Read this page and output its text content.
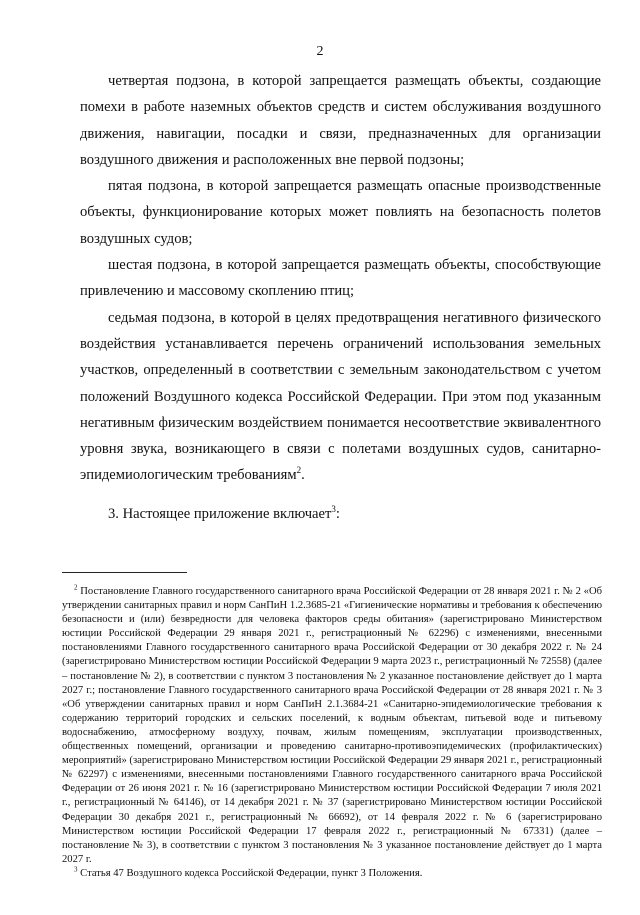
2

четвертая подзона, в которой запрещается размещать объекты, создающие помехи в работе наземных объектов средств и систем обслуживания воздушного движения, навигации, посадки и связи, предназначенных для организации воздушного движения и расположенных вне первой подзоны;

пятая подзона, в которой запрещается размещать опасные производственные объекты, функционирование которых может повлиять на безопасность полетов воздушных судов;

шестая подзона, в которой запрещается размещать объекты, способствующие привлечению и массовому скоплению птиц;

седьмая подзона, в которой в целях предотвращения негативного физического воздействия устанавливается перечень ограничений использования земельных участков, определенный в соответствии с земельным законодательством с учетом положений Воздушного кодекса Российской Федерации. При этом под указанным негативным физическим воздействием понимается несоответствие эквивалентного уровня звука, возникающего в связи с полетами воздушных судов, санитарно-эпидемиологическим требованиям$^2$.

3. Настоящее приложение включает$^3$:

$^2$ Постановление Главного государственного санитарного врача Российской Федерации от 28 января 2021 г. № 2 «Об утверждении санитарных правил и норм СанПиН 1.2.3685-21 «Гигиенические нормативы и требования к обеспечению безопасности и (или) безвредности для человека факторов среды обитания» (зарегистрировано Министерством юстиции Российской Федерации 29 января 2021 г., регистрационный № 62296) с изменениями, внесенными постановлениями Главного государственного санитарного врача Российской Федерации от 30 декабря 2022 г. № 24 (зарегистрировано Министерством юстиции Российской Федерации 9 марта 2023 г., регистрационный № 72558) (далее – постановление № 2), в соответствии с пунктом 3 постановления № 2 указанное постановление действует до 1 марта 2027 г.; постановление Главного государственного санитарного врача Российской Федерации от 28 января 2021 г. № 3 «Об утверждении санитарных правил и норм СанПиН 2.1.3684-21 «Санитарно-эпидемиологические требования к содержанию территорий городских и сельских поселений, к водным объектам, питьевой воде и питьевому водоснабжению, атмосферному воздуху, почвам, жилым помещениям, эксплуатации производственных, общественных помещений, организации и проведению санитарно-противоэпидемических (профилактических) мероприятий» (зарегистрировано Министерством юстиции Российской Федерации 29 января 2021 г., регистрационный № 62297) с изменениями, внесенными постановлениями Главного государственного санитарного врача Российской Федерации от 26 июня 2021 г. № 16 (зарегистрировано Министерством юстиции Российской Федерации 7 июля 2021 г., регистрационный № 64146), от 14 декабря 2021 г. № 37 (зарегистрировано Министерством юстиции Российской Федерации 30 декабря 2021 г., регистрационный № 66692), от 14 февраля 2022 г. № 6 (зарегистрировано Министерством юстиции Российской Федерации 17 февраля 2022 г., регистрационный № 67331) (далее – постановление № 3), в соответствии с пунктом 3 постановления № 3 указанное постановление действует до 1 марта 2027 г.

$^3$ Статья 47 Воздушного кодекса Российской Федерации, пункт 3 Положения.
